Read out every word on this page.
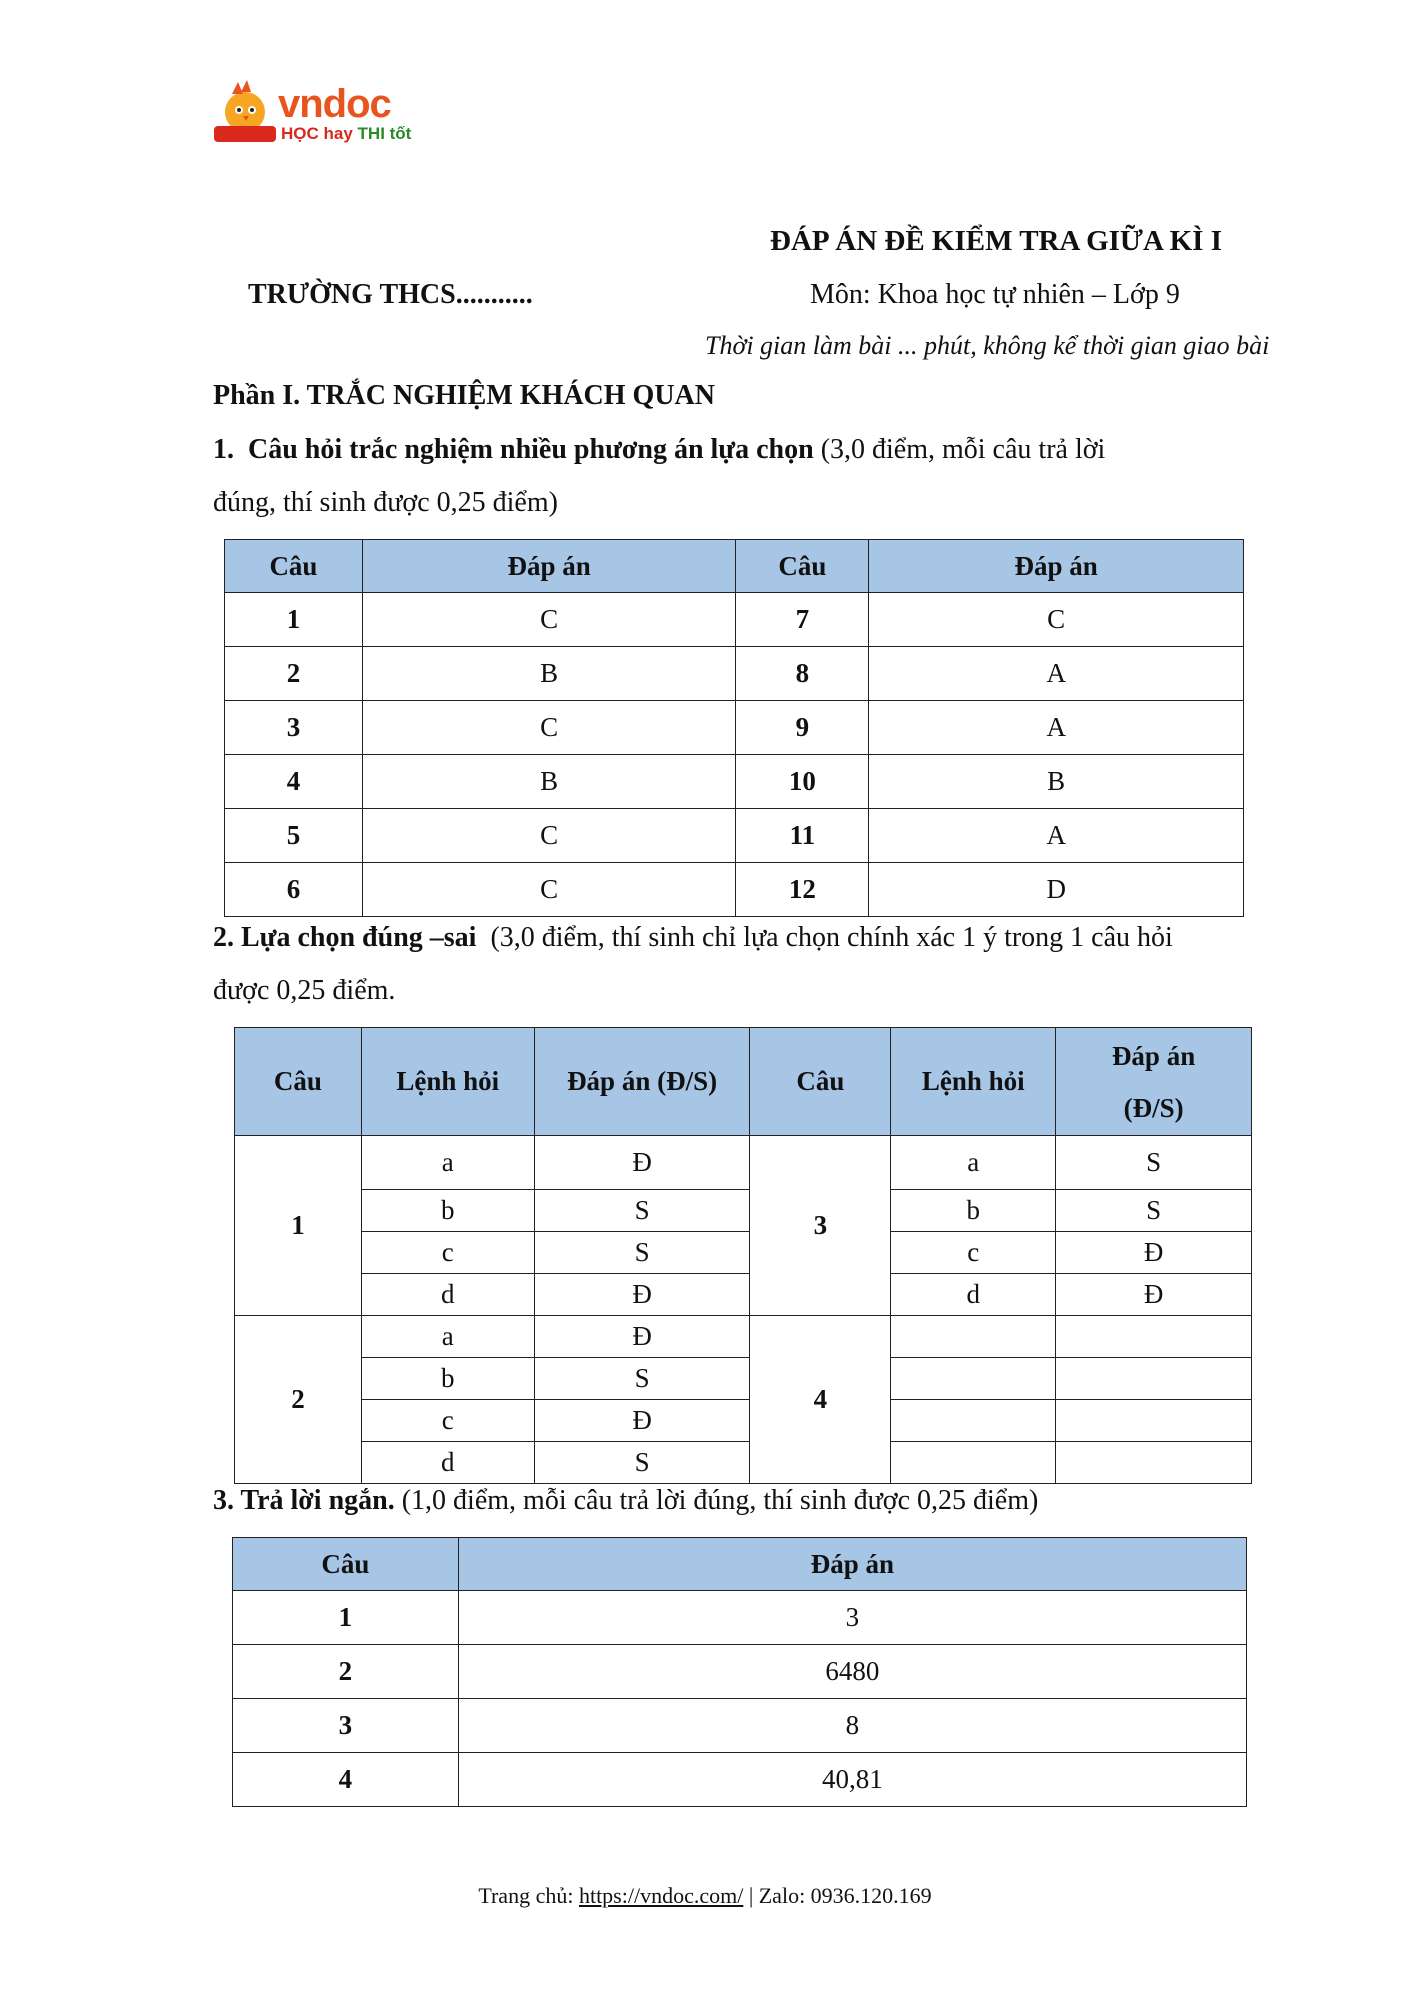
vndoc
HỌC hay THI tốt
ĐÁP ÁN ĐỀ KIỂM TRA GIỮA KÌ I
TRƯỜNG THCS...........	Môn: Khoa học tự nhiên – Lớp 9
Thời gian làm bài ... phút, không kể thời gian giao bài
Phần I. TRẮC NGHIỆM KHÁCH QUAN
1. Câu hỏi trắc nghiệm nhiều phương án lựa chọn (3,0 điểm, mỗi câu trả lời
đúng, thí sinh được 0,25 điểm)
Câu	Đáp án	Câu	Đáp án
1	C	7	C
2	B	8	A
3	C	9	A
4	B	10	B
5	C	11	A
6	C	12	D
2. Lựa chọn đúng –sai (3,0 điểm, thí sinh chỉ lựa chọn chính xác 1 ý trong 1 câu hỏi
được 0,25 điểm.
Câu	Lệnh hỏi	Đáp án (Đ/S)	Câu	Lệnh hỏi	Đáp án
(Đ/S)
1	a	Đ	3	a	S
	b	S		b	S
	c	S		c	Đ
	d	Đ		d	Đ
2	a	Đ	4		
	b	S			
	c	Đ			
	d	S			
3. Trả lời ngắn. (1,0 điểm, mỗi câu trả lời đúng, thí sinh được 0,25 điểm)
Câu	Đáp án
1	3
2	6480
3	8
4	40,81
Trang chủ: https://vndoc.com/ | Zalo: 0936.120.169
